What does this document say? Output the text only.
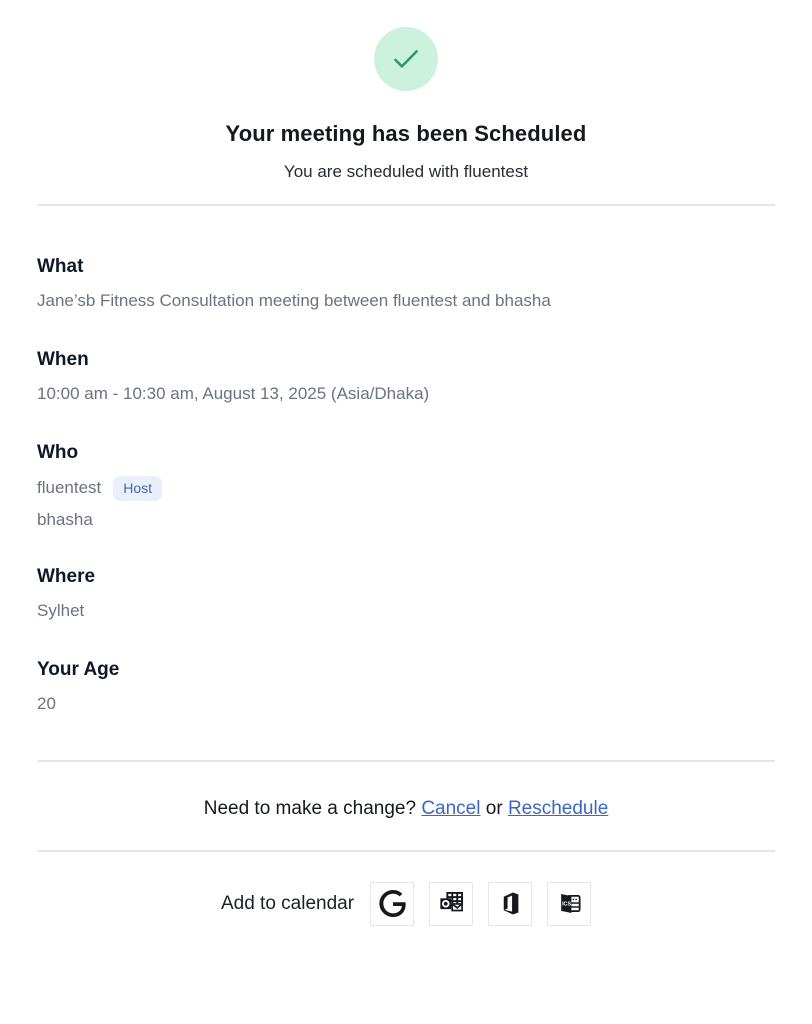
Your meeting has been Scheduled
You are scheduled with fluentest
What
Jane’sb Fitness Consultation meeting between fluentest and bhasha
When
10:00 am - 10:30 am, August 13, 2025 (Asia/Dhaka)
Who
fluentest	Host
bhasha
Where
Sylhet
Your Age
20
Need to make a change? Cancel or Reschedule
Add to calendar	ICS
